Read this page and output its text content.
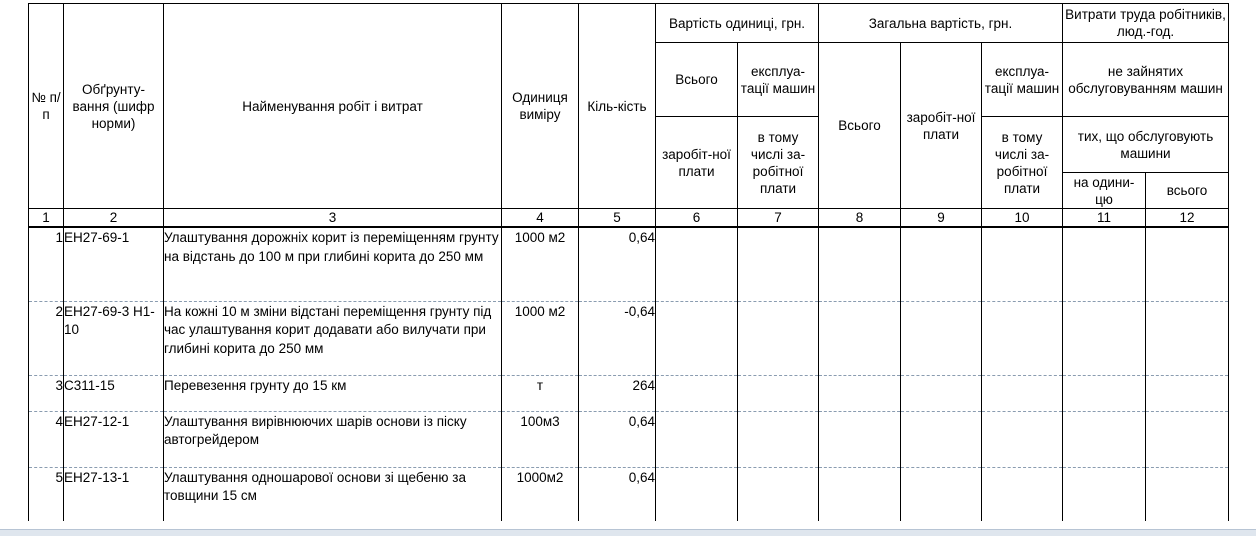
№ п/п	Обґрунту-вання (шифр норми)	Найменування робіт і витрат	Одиниця виміру	Кіль-кість	Вартість одиниці, грн.		Загальна вартість, грн.			Витрати труда робітників, люд.-год.	
					Всього	експлуа-тації машин	Всього	заробіт-ної плати	експлуа-тації машин	не зайнятих обслуговуванням машин	
					заробіт-ної плати	в тому числі за-робітної плати			в тому числі за-робітної плати	тих, що обслуговують машини	
										на одини-цю	всього
1	2	3	4	5	6	7	8	9	10	11	12
1	ЕН27-69-1	Улаштування дорожніх корит із переміщенням грунту на відстань до 100 м при глибині корита до 250 мм	1000 м2	0,64							
2	ЕН27-69-3 Н1-10	На кожні 10 м зміни відстані переміщення грунту під час улаштування корит додавати або вилучати при глибині корита до 250 мм	1000 м2	-0,64							
3	С311-15	Перевезення грунту до 15 км	т	264							
4	ЕН27-12-1	Улаштування вирівнюючих шарів основи із піску автогрейдером	100м3	0,64							
5	ЕН27-13-1	Улаштування одношарової основи зі щебеню за товщини 15 см	1000м2	0,64							
